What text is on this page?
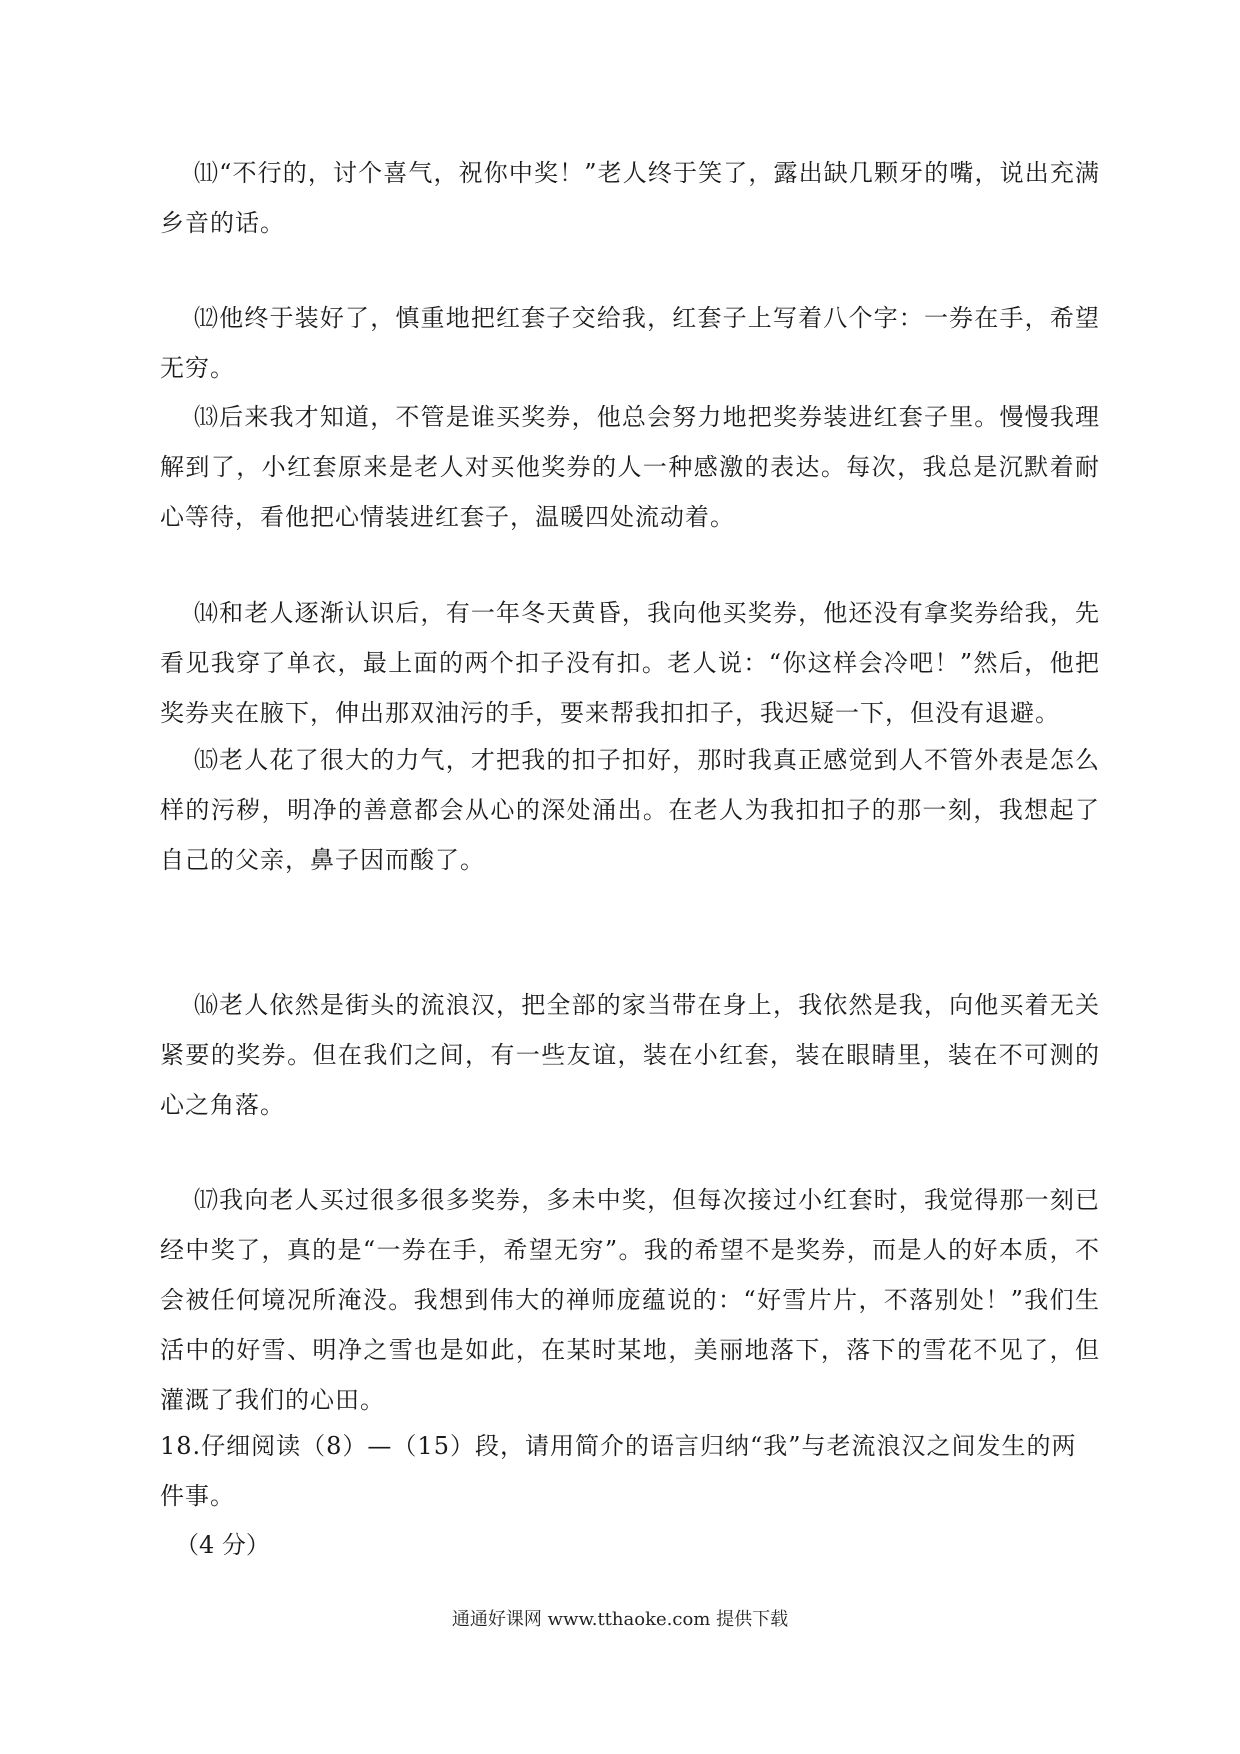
⑾“不行的，讨个喜气，祝你中奖！”老人终于笑了，露出缺几颗牙的嘴，说出充满乡音的话。

⑿他终于装好了，慎重地把红套子交给我，红套子上写着八个字：一券在手，希望无穷。

⒀后来我才知道，不管是谁买奖券，他总会努力地把奖券装进红套子里。慢慢我理解到了，小红套原来是老人对买他奖券的人一种感激的表达。每次，我总是沉默着耐心等待，看他把心情装进红套子，温暖四处流动着。

⒁和老人逐渐认识后，有一年冬天黄昏，我向他买奖券，他还没有拿奖券给我，先看见我穿了单衣，最上面的两个扣子没有扣。老人说：“你这样会冷吧！”然后，他把奖券夹在腋下，伸出那双油污的手，要来帮我扣扣子，我迟疑一下，但没有退避。

⒂老人花了很大的力气，才把我的扣子扣好，那时我真正感觉到人不管外表是怎么样的污秽，明净的善意都会从心的深处涌出。在老人为我扣扣子的那一刻，我想起了自己的父亲，鼻子因而酸了。

⒃老人依然是街头的流浪汉，把全部的家当带在身上，我依然是我，向他买着无关紧要的奖券。但在我们之间，有一些友谊，装在小红套，装在眼睛里，装在不可测的心之角落。

⒄我向老人买过很多很多奖券，多未中奖，但每次接过小红套时，我觉得那一刻已经中奖了，真的是“一券在手，希望无穷”。我的希望不是奖券，而是人的好本质，不会被任何境况所淹没。我想到伟大的禅师庞蕴说的：“好雪片片，不落别处！”我们生活中的好雪、明净之雪也是如此，在某时某地，美丽地落下，落下的雪花不见了，但灌溉了我们的心田。

18.仔细阅读（8）—（15）段，请用简介的语言归纳“我”与老流浪汉之间发生的两件事。

（4 分）

通通好课网 www.tthaoke.com 提供下载
